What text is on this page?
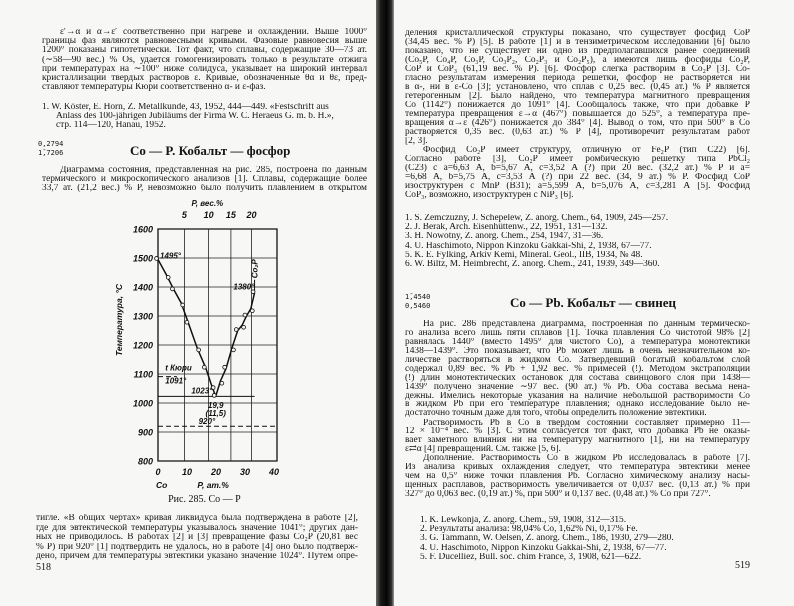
ε′→α и α→ε′ соответственно при нагреве и охлаждении. Выше 1000°
границы фаз являются равновесными кривыми. Фазовые равновесия выше
1200° показаны гипотетически. Тот факт, что сплавы, содержащие 30—73 ат.
(∼58—90 вес.) % Os, удается гомогенизировать только в результате отжига
при температурах на ∼100° ниже солидуса, указывает на широкий интервал
кристаллизации твердых растворов ε. Кривые, обозначенные θα и θε, пред-
ставляют температуры Кюри соответственно α- и ε-фаз.
1. W. Köster, E. Horn, Z. Metallkunde, 43, 1952, 444—449. «Festschrift aus
Anlass des 100-jährigen Jubiläums der Firma W. C. Heraeus G. m. b. H.»,
стр. 114—120, Hanau, 1952.
0,2794
1̄,7206	Co — P. Кобальт — фосфор
Диаграмма состояния, представленная на рис. 285, построена по данным
термического и микроскопического анализов [1]. Сплавы, содержащие более
33,7 ат. (21,2 вес.) % P, невозможно было получить плавлением в открытом
800
900
1000
1100
1200
1300
1400
1500
1600
0 10 20 30 40
5 10 15 20
Co	P, ат.%
P, вес.%
Температура, °C
Рис. 285. Co — P
1495°
1380°
Co₂P
t Кюри
1091°
1023°
19,9
(11,5)
920°
тигле. «В общих чертах» кривая ликвидуса была подтверждена в работе [2],
где для эвтектической температуры указывалось значение 1041°; других дан-
ных не приводилось. В работах [2] и [3] превращение фазы Co₂P (20,81 вес
% P) при 920° [1] подтвердить не удалось, но в работе [4] оно было подтверж-
дено, причем для температуры эвтектики указано значение 1024°. Путем опре-
518
деления кристаллической структуры показано, что существует фосфид CoP
(34,45 вес. % P) [5]. В работе [1] и в тензиметрическом исследовании [6] было
показано, что не существует ни одно из предполагавшихся ранее соединений
(Co₅P, Co₄P, Co₃P, Co₃P₂, Co₂P₃ и Co₂P₅), а имеются лишь фосфиды Co₂P,
CoP и CoP₃ (61,19 вес. % P). [6]. Фосфор слегка растворим в Co₂P [3]. Со-
гласно результатам измерения периода решетки, фосфор не растворяется ни
в α-, ни в ε-Co [3]; установлено, что сплав с 0,25 вес. (0,45 ат.) % P является
гетерогенным [2]. Было найдено, что температура магнитного превращения
Co (1142°) понижается до 1091° [4]. Сообщалось также, что при добавке P
температура превращения ε→α (467°) повышается до 525°, а температура пре-
вращения α→ε (426°) понижается до 384° [4]. Вывод о том, что при 500° в Co
растворяется 0,35 вес. (0,63 ат.) % P [4], противоречит результатам работ
[2, 3].
Фосфид Co₂P имеет структуру, отличную от Fe₂P (тип C22) [6].
Согласно работе [3], Co₂P имеет ромбическую решетку типа PbCl₂
(C23) с a=6,63 Å, b=5,67 Å, c=3,52 Å (?) при 20 вес. (32,2 ат.) % P и a=
=6,68 Å, b=5,75 Å, c=3,53 Å (?) при 22 вес. (34, 9 ат.) % P. Фосфид CoP
изоструктурен с MnP (B31); a=5,599 Å, b=5,076 Å, c=3,281 Å [5]. Фосфид
CoP₃, возможно, изоструктурен с NiP₃ [6].
1. S. Zemczuzny, J. Schepelew, Z. anorg. Chem., 64, 1909, 245—257.
2. J. Berak, Arch. Eisenhüttenw., 22, 1951, 131—132.
3. H. Nowotny, Z. anorg. Chem., 254, 1947, 31—36.
4. U. Haschimoto, Nippon Kinzoku Gakkai-Shi, 2, 1938, 67—77.
5. K. E. Fylking, Arkiv Kemi, Mineral. Geol., IIB, 1934, № 48.
6. W. Biltz, M. Heimbrecht, Z. anorg. Chem., 241, 1939, 349—360.
1̄,4540
0,5460	Co — Pb. Кобальт — свинец
На рис. 286 представлена диаграмма, построенная по данным термическо-
го анализа всего лишь пяти сплавов [1]. Точка плавления Co чистотой 98% [2]
равнялась 1440° (вместо 1495° для чистого Co), а температура монотектики
1438—1439°. Это показывает, что Pb может лишь в очень незначительном ко-
личестве растворяться в жидком Co. Затвердевший богатый кобальтом слой
содержал 0,89 вес. % Pb + 1,92 вес. % примесей (!). Методом экстраполяции
(!) длин монотектических остановок для состава свинцового слоя при 1438—
1439° получено значение ∼97 вес. (90 ат.) % Pb. Оба состава весьма нена-
дежны. Имелись некоторые указания на наличие небольшой растворимости Co
в жидком Pb при его температуре плавления; однако исследование было не-
достаточно точным даже для того, чтобы определить положение эвтектики.
Растворимость Pb в Co в твердом состоянии составляет примерно 11—
12 × 10⁻⁴ вес. % [3]. С этим согласуется тот факт, что добавка Pb не оказы-
вает заметного влияния ни на температуру магнитного [1], ни на температуру
ε⇄α [4] превращений. См. также [5, 6].
Дополнение. Растворимость Co в жидком Pb исследовалась в работе [7].
Из анализа кривых охлаждения следует, что температура эвтектики менее
чем на 0,5° ниже точки плавления Pb. Согласно химическому анализу насы-
щенных расплавов, растворимость увеличивается от 0,037 вес. (0,13 ат.) % при
327° до 0,063 вес. (0,19 ат.) %, при 500° и 0,137 вес. (0,48 ат.) % Co при 727°.
1. K. Lewkonja, Z. anorg. Chem., 59, 1908, 312—315.
2. Результаты анализа: 98,04% Co, 1,62% Ni, 0,17% Fe.
3. G. Tammann, W. Oelsen, Z. anorg. Chem., 186, 1930, 279—280.
4. U. Haschimoto, Nippon Kinzoku Gakkai-Shi, 2, 1938, 67—77.
5. F. Ducelliez, Bull. soc. chim France, 3, 1908, 621—622.
519
